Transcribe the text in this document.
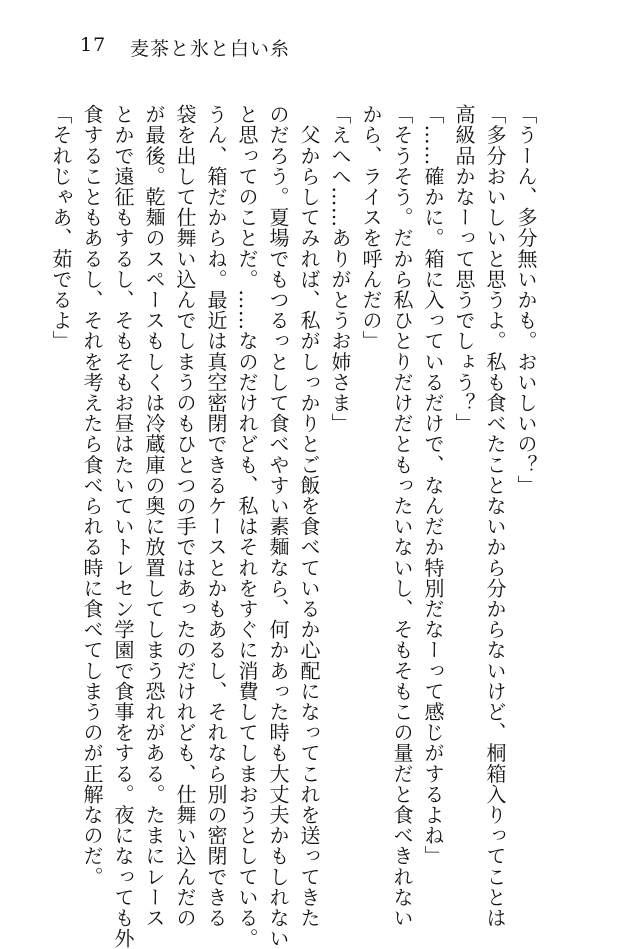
17 麦茶と氷と白い糸
「うーん、多分無いかも。おいしいの？」
「多分おいしいと思うよ。私も食べたことないから分からないけど、桐箱入りってことは
高級品かなーって思うでしょう？」
「……確かに。箱に入っているだけで、なんだか特別だなーって感じがするよね」
「そうそう。だから私ひとりだけだともったいないし、そもそもこの量だと食べきれない
から、ライスを呼んだの」
「えへへ……ありがとうお姉さま」
　父からしてみれば、私がしっかりとご飯を食べているか心配になってこれを送ってきた
のだろう。夏場でもつるっとして食べやすい素麺なら、何かあった時も大丈夫かもしれない
と思ってのことだ。……なのだけれども、私はそれをすぐに消費してしまおうとしている。
うん、箱だからね。最近は真空密閉できるケースとかもあるし、それなら別の密閉できる
袋を出して仕舞い込んでしまうのもひとつの手ではあったのだけれども、仕舞い込んだの
が最後。乾麺のスペースもしくは冷蔵庫の奥に放置してしまう恐れがある。たまにレース
とかで遠征もするし、そもそもお昼はたいていトレセン学園で食事をする。夜になっても外
食することもあるし、それを考えたら食べられる時に食べてしまうのが正解なのだ。
「それじゃあ、茹でるよ」
